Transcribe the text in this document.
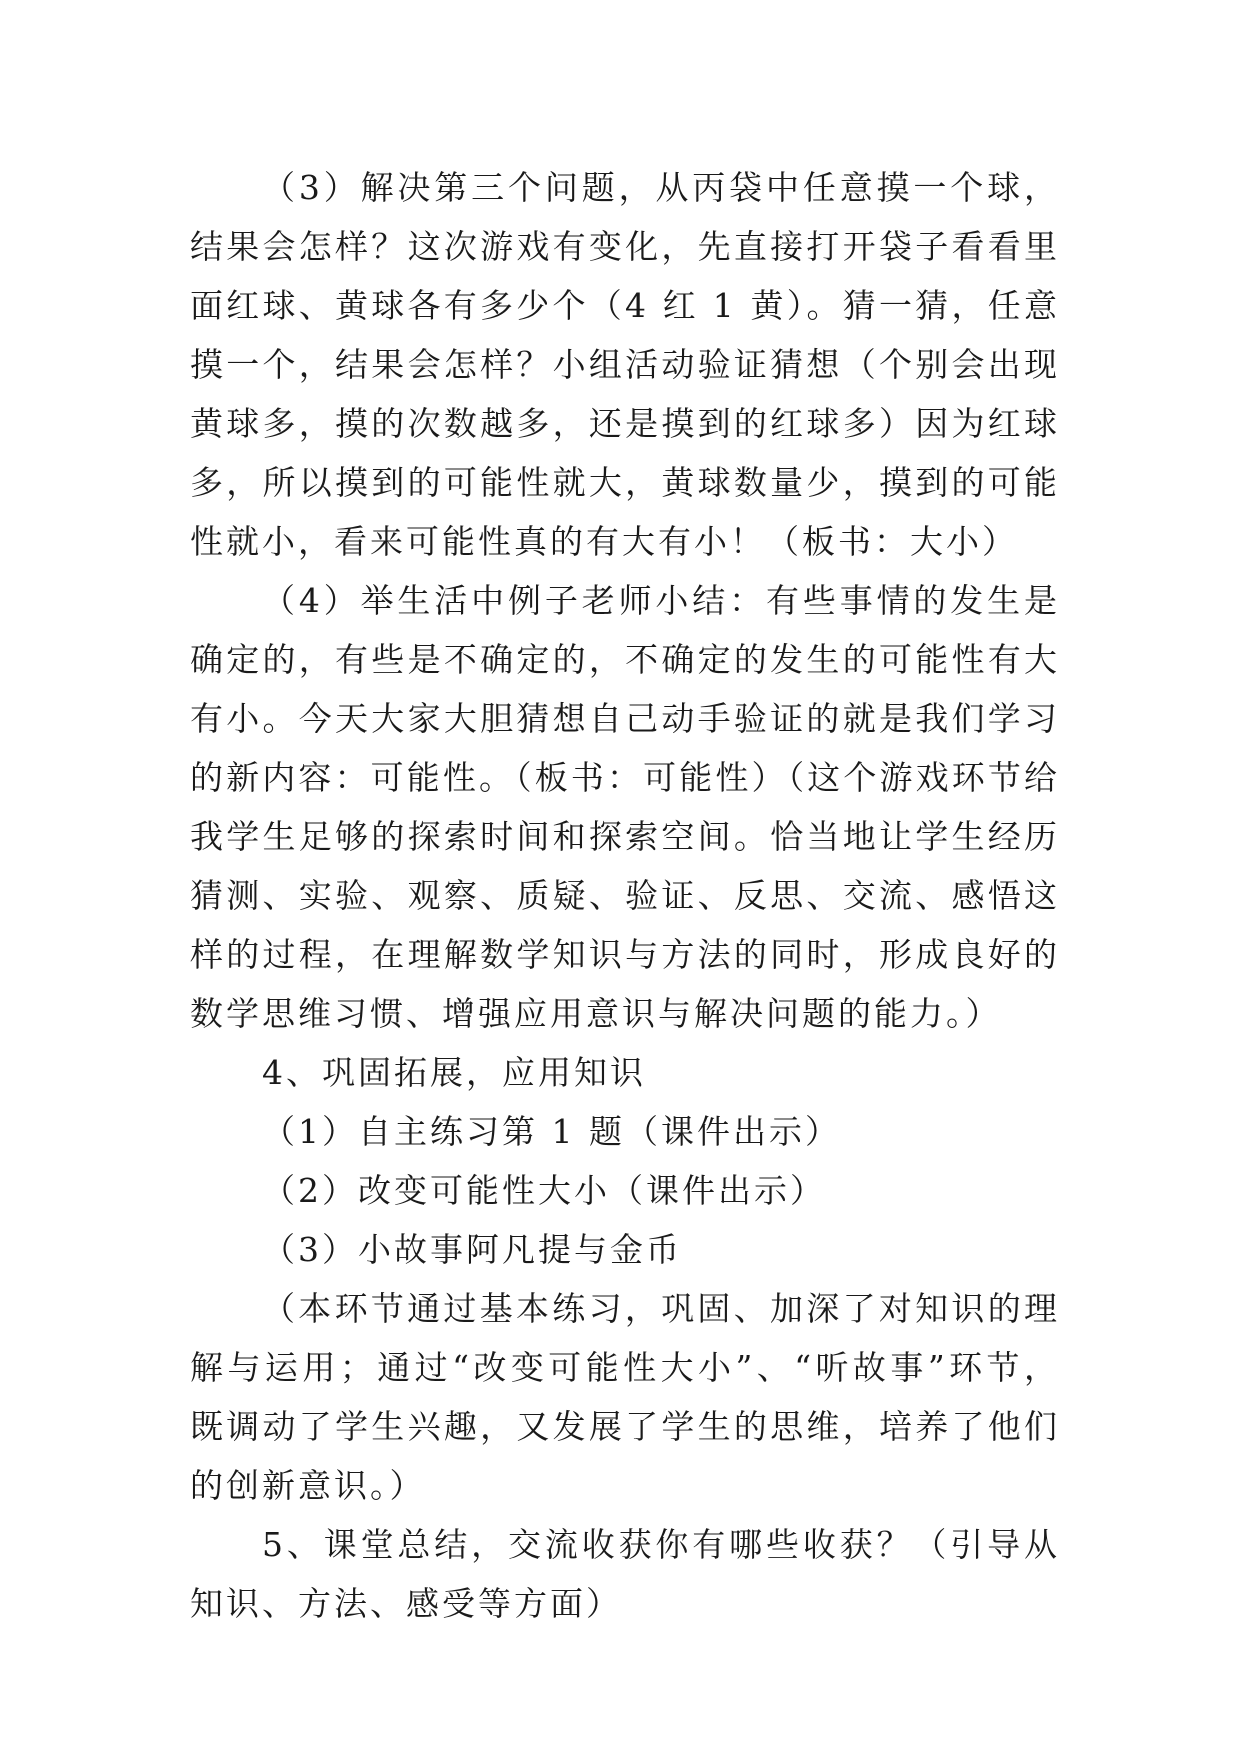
（3）解决第三个问题，从丙袋中任意摸一个球，结果会怎样？这次游戏有变化，先直接打开袋子看看里面红球、黄球各有多少个（4 红 1 黄）。猜一猜，任意摸一个，结果会怎样？小组活动验证猜想（个别会出现黄球多，摸的次数越多，还是摸到的红球多）因为红球多，所以摸到的可能性就大，黄球数量少，摸到的可能性就小，看来可能性真的有大有小！（板书：大小）

（4）举生活中例子老师小结：有些事情的发生是确定的，有些是不确定的，不确定的发生的可能性有大有小。今天大家大胆猜想自己动手验证的就是我们学习的新内容：可能性。（板书：可能性）（这个游戏环节给我学生足够的探索时间和探索空间。恰当地让学生经历猜测、实验、观察、质疑、验证、反思、交流、感悟这样的过程，在理解数学知识与方法的同时，形成良好的数学思维习惯、增强应用意识与解决问题的能力。）

4、巩固拓展，应用知识

（1）自主练习第 1 题（课件出示）

（2）改变可能性大小（课件出示）

（3）小故事阿凡提与金币

（本环节通过基本练习，巩固、加深了对知识的理解与运用；通过“改变可能性大小”、“听故事”环节，既调动了学生兴趣，又发展了学生的思维，培养了他们的创新意识。）

5、课堂总结，交流收获你有哪些收获？（引导从知识、方法、感受等方面）
